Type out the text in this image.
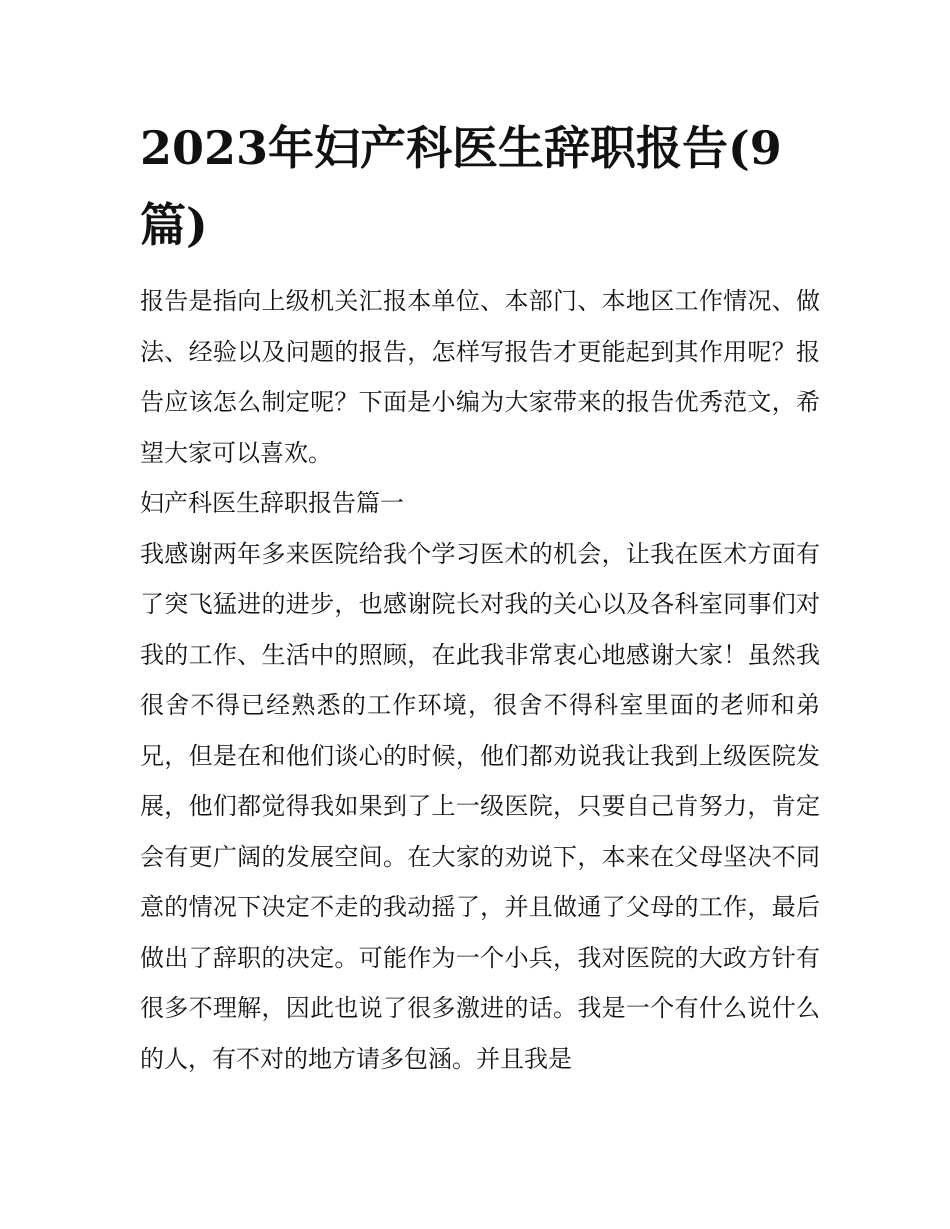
2023年妇产科医生辞职报告(9篇)

报告是指向上级机关汇报本单位、本部门、本地区工作情况、做法、经验以及问题的报告，怎样写报告才更能起到其作用呢？报告应该怎么制定呢？下面是小编为大家带来的报告优秀范文，希望大家可以喜欢。

妇产科医生辞职报告篇一

我感谢两年多来医院给我个学习医术的机会，让我在医术方面有了突飞猛进的进步，也感谢院长对我的关心以及各科室同事们对我的工作、生活中的照顾，在此我非常衷心地感谢大家！虽然我很舍不得已经熟悉的工作环境，很舍不得科室里面的老师和弟兄，但是在和他们谈心的时候，他们都劝说我让我到上级医院发展，他们都觉得我如果到了上一级医院，只要自己肯努力，肯定会有更广阔的发展空间。在大家的劝说下，本来在父母坚决不同意的情况下决定不走的我动摇了，并且做通了父母的工作，最后做出了辞职的决定。可能作为一个小兵，我对医院的大政方针有很多不理解，因此也说了很多激进的话。我是一个有什么说什么的人，有不对的地方请多包涵。并且我是
